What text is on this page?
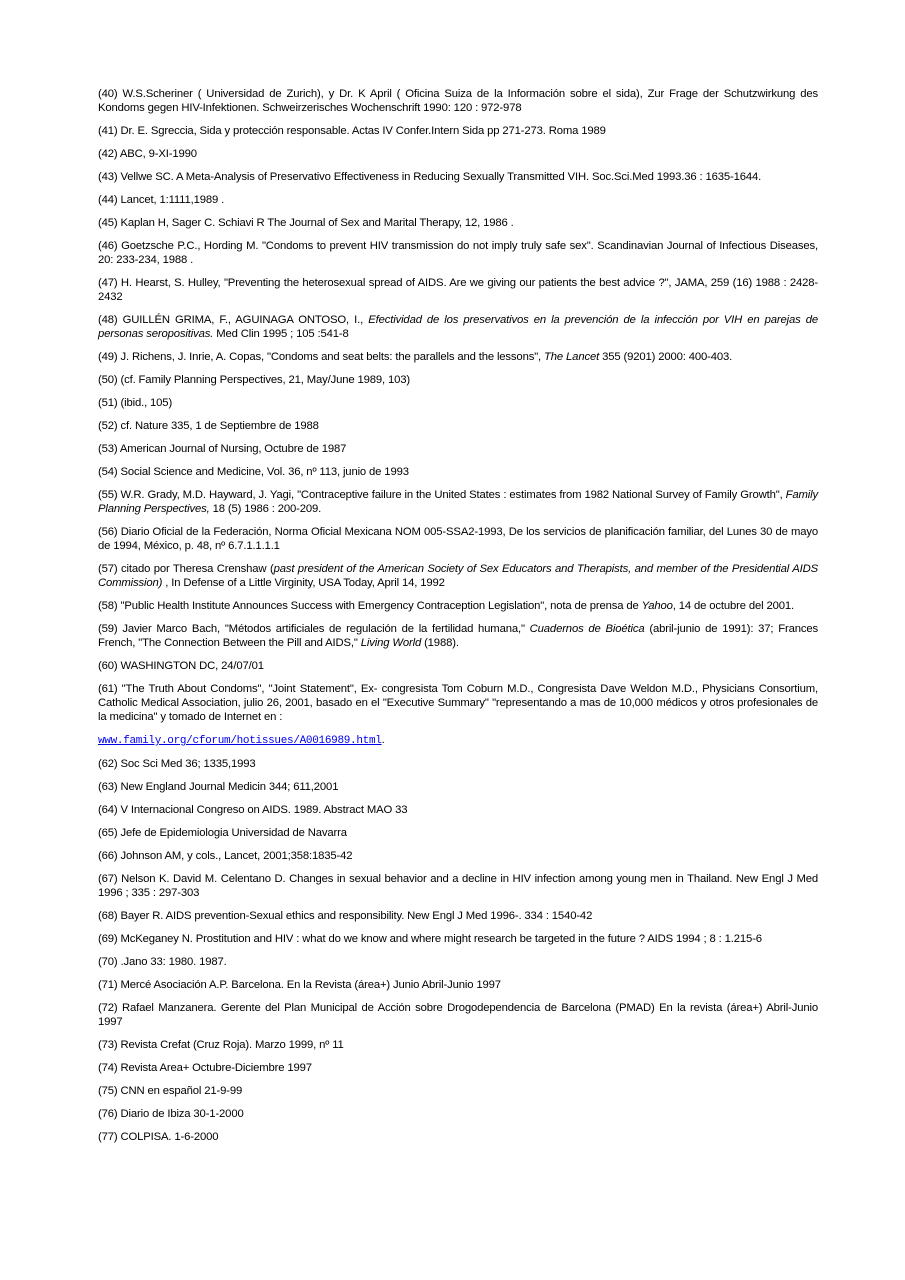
(40) W.S.Scheriner ( Universidad de Zurich), y Dr. K April ( Oficina Suiza de la Información sobre el sida), Zur Frage der Schutzwirkung des Kondoms gegen HIV-Infektionen. Schweirzerisches Wochenschrift 1990: 120 : 972-978

(41) Dr. E. Sgreccia, Sida y protección responsable. Actas IV Confer.Intern Sida pp 271-273. Roma 1989

(42) ABC, 9-XI-1990

(43) Vellwe SC. A Meta-Analysis of Preservativo Effectiveness in Reducing Sexually Transmitted VIH. Soc.Sci.Med 1993.36 : 1635-1644.

(44) Lancet, 1:1111,1989 .

(45) Kaplan H, Sager C. Schiavi R The Journal of Sex and Marital Therapy, 12, 1986 .

(46) Goetzsche P.C., Hording M. "Condoms to prevent HIV transmission do not imply truly safe sex". Scandinavian Journal of Infectious Diseases, 20: 233-234, 1988 .

(47) H. Hearst, S. Hulley, "Preventing the heterosexual spread of AIDS. Are we giving our patients the best advice ?", JAMA, 259 (16) 1988 : 2428-2432

(48) GUILLÉN GRIMA, F., AGUINAGA ONTOSO, I., Efectividad de los preservativos en la prevención de la infección por VIH en parejas de personas seropositivas. Med Clin 1995 ; 105 :541-8

(49) J. Richens, J. Inrie, A. Copas, "Condoms and seat belts: the parallels and the lessons", The Lancet 355 (9201) 2000: 400-403.

(50) (cf. Family Planning Perspectives, 21, May/June 1989, 103)

(51) (ibid., 105)

(52) cf. Nature 335, 1 de Septiembre de 1988

(53) American Journal of Nursing, Octubre de 1987

(54) Social Science and Medicine, Vol. 36, nº 113, junio de 1993

(55) W.R. Grady, M.D. Hayward, J. Yagi, "Contraceptive failure in the United States : estimates from 1982 National Survey of Family Growth", Family Planning Perspectives, 18 (5) 1986 : 200-209.

(56) Diario Oficial de la Federación, Norma Oficial Mexicana NOM 005-SSA2-1993, De los servicios de planificación familiar, del Lunes 30 de mayo de 1994, México, p. 48, nº 6.7.1.1.1.1

(57) citado por Theresa Crenshaw (past president of the American Society of Sex Educators and Therapists, and member of the Presidential AIDS Commission) , In Defense of a Little Virginity, USA Today, April 14, 1992

(58) "Public Health Institute Announces Success with Emergency Contraception Legislation", nota de prensa de Yahoo, 14 de octubre del 2001.

(59) Javier Marco Bach, "Métodos artificiales de regulación de la fertilidad humana," Cuadernos de Bioética (abril-junio de 1991): 37; Frances French, "The Connection Between the Pill and AIDS," Living World (1988).

(60) WASHINGTON DC, 24/07/01

(61) "The Truth About Condoms", "Joint Statement", Ex- congresista Tom Coburn M.D., Congresista Dave Weldon M.D., Physicians Consortium, Catholic Medical Association, julio 26, 2001, basado en el "Executive Summary" "representando a mas de 10,000 médicos y otros profesionales de la medicina" y tomado de Internet en :

www.family.org/cforum/hotissues/A0016989.html.

(62) Soc Sci Med 36; 1335,1993

(63) New England Journal Medicin 344; 611,2001

(64) V Internacional Congreso on AIDS. 1989. Abstract MAO 33

(65) Jefe de Epidemiologia Universidad de Navarra

(66) Johnson AM, y cols., Lancet, 2001;358:1835-42

(67) Nelson K. David M. Celentano D. Changes in sexual behavior and a decline in HIV infection among young men in Thailand. New Engl J Med 1996 ; 335 : 297-303

(68) Bayer R. AIDS prevention-Sexual ethics and responsibility. New Engl J Med 1996-. 334 : 1540-42

(69) McKeganey N. Prostitution and HIV : what do we know and where might research be targeted in the future ? AIDS 1994 ; 8 : 1.215-6

(70) .Jano 33: 1980. 1987.

(71) Mercé Asociación A.P. Barcelona. En la Revista (área+) Junio Abril-Junio 1997

(72) Rafael Manzanera. Gerente del Plan Municipal de Acción sobre Drogodependencia de Barcelona (PMAD) En la revista (área+) Abril-Junio 1997

(73) Revista Crefat (Cruz Roja). Marzo 1999, nº 11

(74) Revista Area+ Octubre-Diciembre 1997

(75) CNN en español 21-9-99

(76) Diario de Ibiza 30-1-2000

(77) COLPISA. 1-6-2000
